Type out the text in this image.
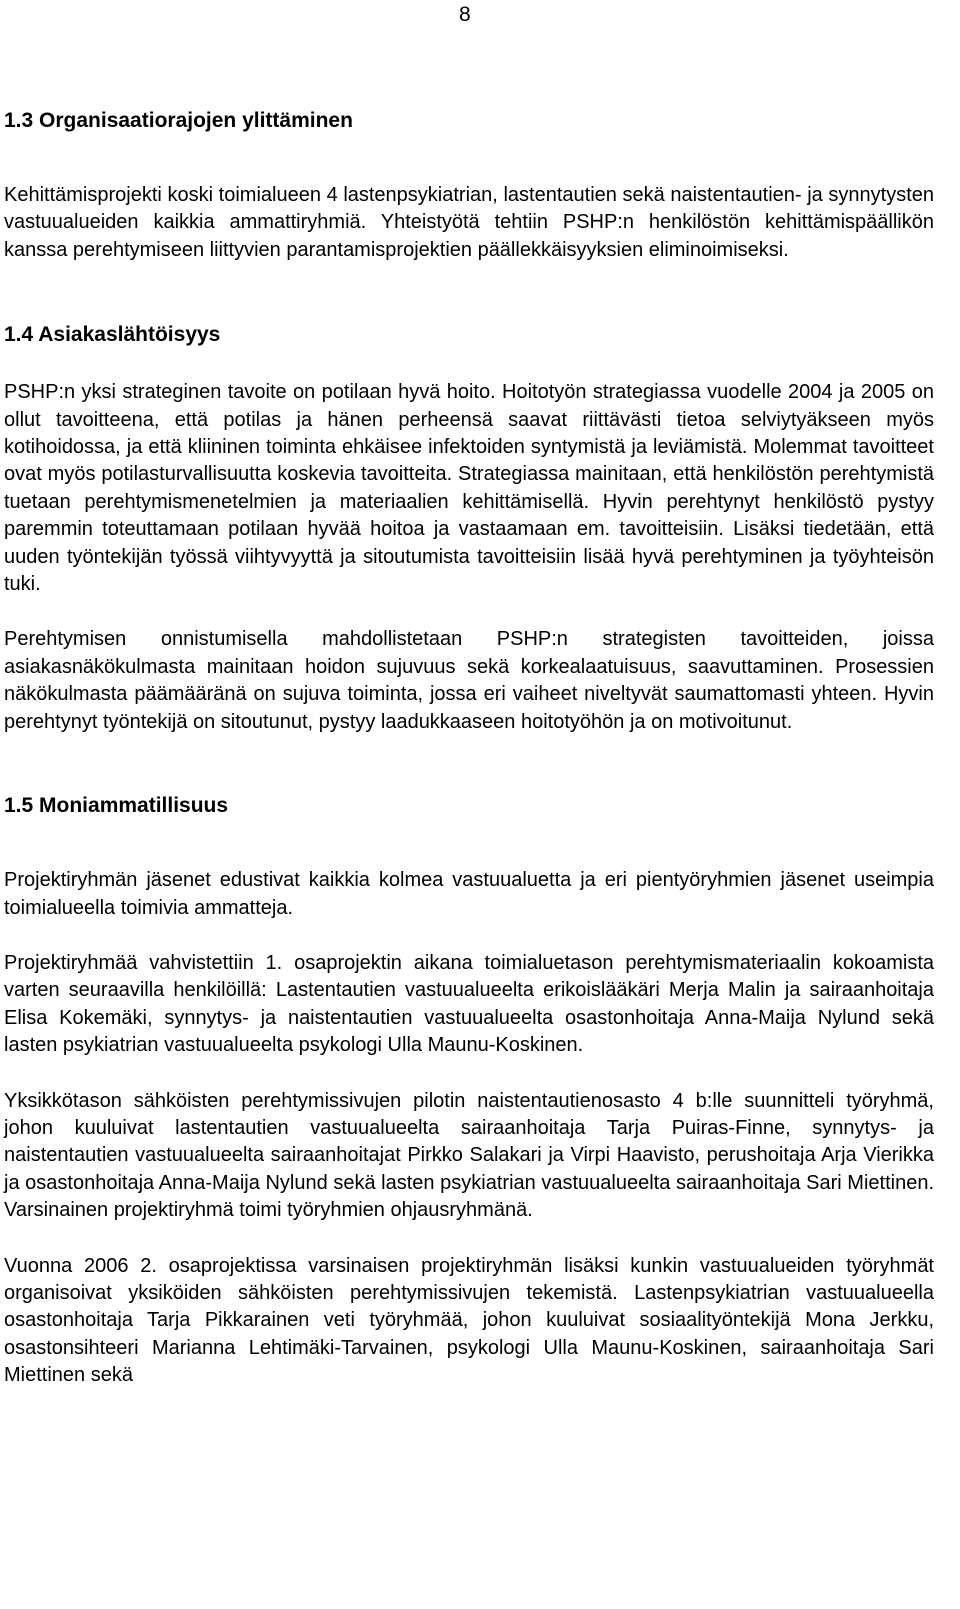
8
1.3 Organisaatiorajojen ylittäminen

Kehittämisprojekti koski toimialueen 4 lastenpsykiatrian, lastentautien sekä naistentautien- ja synnytysten vastuualueiden kaikkia ammattiryhmiä. Yhteistyötä tehtiin PSHP:n henkilöstön kehittämispäällikön kanssa perehtymiseen liittyvien parantamisprojektien päällekkäisyyksien eliminoimiseksi.

1.4 Asiakaslähtöisyys

PSHP:n yksi strateginen tavoite on potilaan hyvä hoito. Hoitotyön strategiassa vuodelle 2004 ja 2005 on ollut tavoitteena, että potilas ja hänen perheensä saavat riittävästi tietoa selviytyäkseen myös kotihoidossa, ja että kliininen toiminta ehkäisee infektoiden syntymistä ja leviämistä. Molemmat tavoitteet ovat myös potilasturvallisuutta koskevia tavoitteita. Strategiassa mainitaan, että henkilöstön perehtymistä tuetaan perehtymismenetelmien ja materiaalien kehittämisellä. Hyvin perehtynyt henkilöstö pystyy paremmin toteuttamaan potilaan hyvää hoitoa ja vastaamaan em. tavoitteisiin. Lisäksi tiedetään, että uuden työntekijän työssä viihtyvyyttä ja sitoutumista tavoitteisiin lisää hyvä perehtyminen ja työyhteisön tuki.

Perehtymisen onnistumisella mahdollistetaan PSHP:n strategisten tavoitteiden, joissa asiakasnäkökulmasta mainitaan hoidon sujuvuus sekä korkealaatuisuus, saavuttaminen. Prosessien näkökulmasta päämääränä on sujuva toiminta, jossa eri vaiheet niveltyvät saumattomasti yhteen. Hyvin perehtynyt työntekijä on sitoutunut, pystyy laadukkaaseen hoitotyöhön ja on motivoitunut.

1.5 Moniammatillisuus

Projektiryhmän jäsenet edustivat kaikkia kolmea vastuualuetta ja eri pientyöryhmien jäsenet useimpia toimialueella toimivia ammatteja.

Projektiryhmää vahvistettiin 1. osaprojektin aikana toimialuetason perehtymismateriaalin kokoamista varten seuraavilla henkilöillä: Lastentautien vastuualueelta erikoislääkäri Merja Malin ja sairaanhoitaja Elisa Kokemäki, synnytys- ja naistentautien vastuualueelta osastonhoitaja Anna-Maija Nylund sekä lasten psykiatrian vastuualueelta psykologi Ulla Maunu-Koskinen.

Yksikkötason sähköisten perehtymissivujen pilotin naistentautienosasto 4 b:lle suunnitteli työryhmä, johon kuuluivat lastentautien vastuualueelta sairaanhoitaja Tarja Puiras-Finne, synnytys- ja naistentautien vastuualueelta sairaanhoitajat Pirkko Salakari ja Virpi Haavisto, perushoitaja Arja Vierikka ja osastonhoitaja Anna-Maija Nylund sekä lasten psykiatrian vastuualueelta sairaanhoitaja Sari Miettinen. Varsinainen projektiryhmä toimi työryhmien ohjausryhmänä.

Vuonna 2006 2. osaprojektissa varsinaisen projektiryhmän lisäksi kunkin vastuualueiden työryhmät organisoivat yksiköiden sähköisten perehtymissivujen tekemistä. Lastenpsykiatrian vastuualueella osastonhoitaja Tarja Pikkarainen veti työryhmää, johon kuuluivat sosiaalityöntekijä Mona Jerkku, osastonsihteeri Marianna Lehtimäki-Tarvainen, psykologi Ulla Maunu-Koskinen, sairaanhoitaja Sari Miettinen sekä
